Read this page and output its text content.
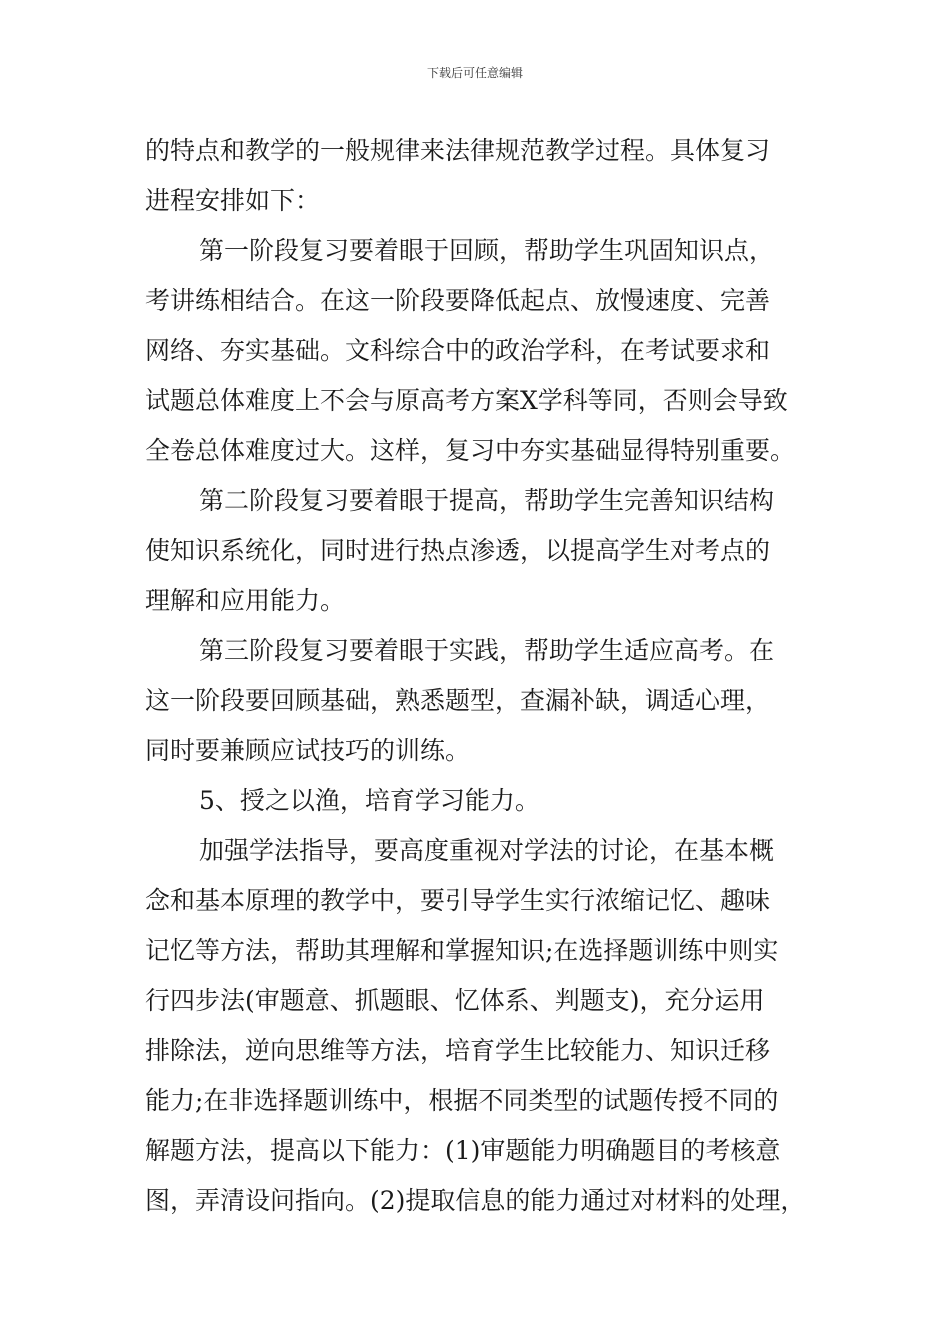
下载后可任意编辑
的特点和教学的一般规律来法律规范教学过程。具体复习
进程安排如下：
第一阶段复习要着眼于回顾，帮助学生巩固知识点，
考讲练相结合。在这一阶段要降低起点、放慢速度、完善
网络、夯实基础。文科综合中的政治学科，在考试要求和
试题总体难度上不会与原高考方案X学科等同，否则会导致
全卷总体难度过大。这样，复习中夯实基础显得特别重要。
第二阶段复习要着眼于提高，帮助学生完善知识结构
使知识系统化，同时进行热点渗透，以提高学生对考点的
理解和应用能力。
第三阶段复习要着眼于实践，帮助学生适应高考。在
这一阶段要回顾基础，熟悉题型，查漏补缺，调适心理，
同时要兼顾应试技巧的训练。
5、授之以渔，培育学习能力。
加强学法指导，要高度重视对学法的讨论，在基本概
念和基本原理的教学中，要引导学生实行浓缩记忆、趣味
记忆等方法，帮助其理解和掌握知识;在选择题训练中则实
行四步法(审题意、抓题眼、忆体系、判题支)，充分运用
排除法，逆向思维等方法，培育学生比较能力、知识迁移
能力;在非选择题训练中，根据不同类型的试题传授不同的
解题方法，提高以下能力：(1)审题能力明确题目的考核意
图，弄清设问指向。(2)提取信息的能力通过对材料的处理，
